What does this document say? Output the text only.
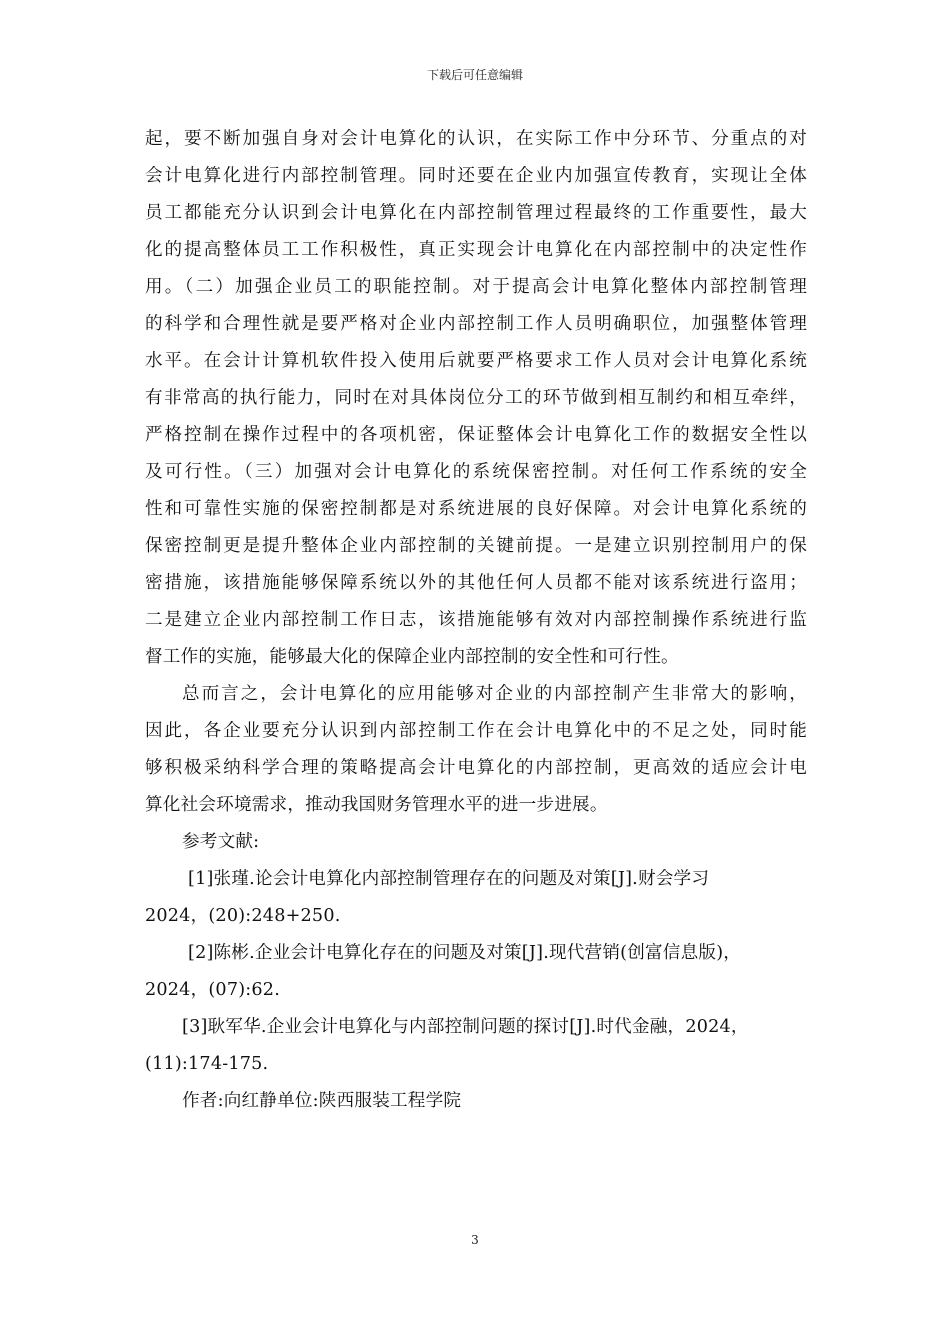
下载后可任意编辑
起，要不断加强自身对会计电算化的认识，在实际工作中分环节、分重点的对
会计电算化进行内部控制管理。同时还要在企业内加强宣传教育，实现让全体
员工都能充分认识到会计电算化在内部控制管理过程最终的工作重要性，最大
化的提高整体员工工作积极性，真正实现会计电算化在内部控制中的决定性作
用。（二）加强企业员工的职能控制。对于提高会计电算化整体内部控制管理
的科学和合理性就是要严格对企业内部控制工作人员明确职位，加强整体管理
水平。在会计计算机软件投入使用后就要严格要求工作人员对会计电算化系统
有非常高的执行能力，同时在对具体岗位分工的环节做到相互制约和相互牵绊，
严格控制在操作过程中的各项机密，保证整体会计电算化工作的数据安全性以
及可行性。（三）加强对会计电算化的系统保密控制。对任何工作系统的安全
性和可靠性实施的保密控制都是对系统进展的良好保障。对会计电算化系统的
保密控制更是提升整体企业内部控制的关键前提。一是建立识别控制用户的保
密措施，该措施能够保障系统以外的其他任何人员都不能对该系统进行盗用；
二是建立企业内部控制工作日志，该措施能够有效对内部控制操作系统进行监
督工作的实施，能够最大化的保障企业内部控制的安全性和可行性。
总而言之，会计电算化的应用能够对企业的内部控制产生非常大的影响，
因此，各企业要充分认识到内部控制工作在会计电算化中的不足之处，同时能
够积极采纳科学合理的策略提高会计电算化的内部控制，更高效的适应会计电
算化社会环境需求，推动我国财务管理水平的进一步进展。
参考文献:
[1]张瑾.论会计电算化内部控制管理存在的问题及对策[J].财会学习
2024，(20):248+250.
[2]陈彬.企业会计电算化存在的问题及对策[J].现代营销(创富信息版)，
2024，(07):62.
[3]耿军华.企业会计电算化与内部控制问题的探讨[J].时代金融，2024，
(11):174-175.
作者:向红静单位:陕西服装工程学院
3
